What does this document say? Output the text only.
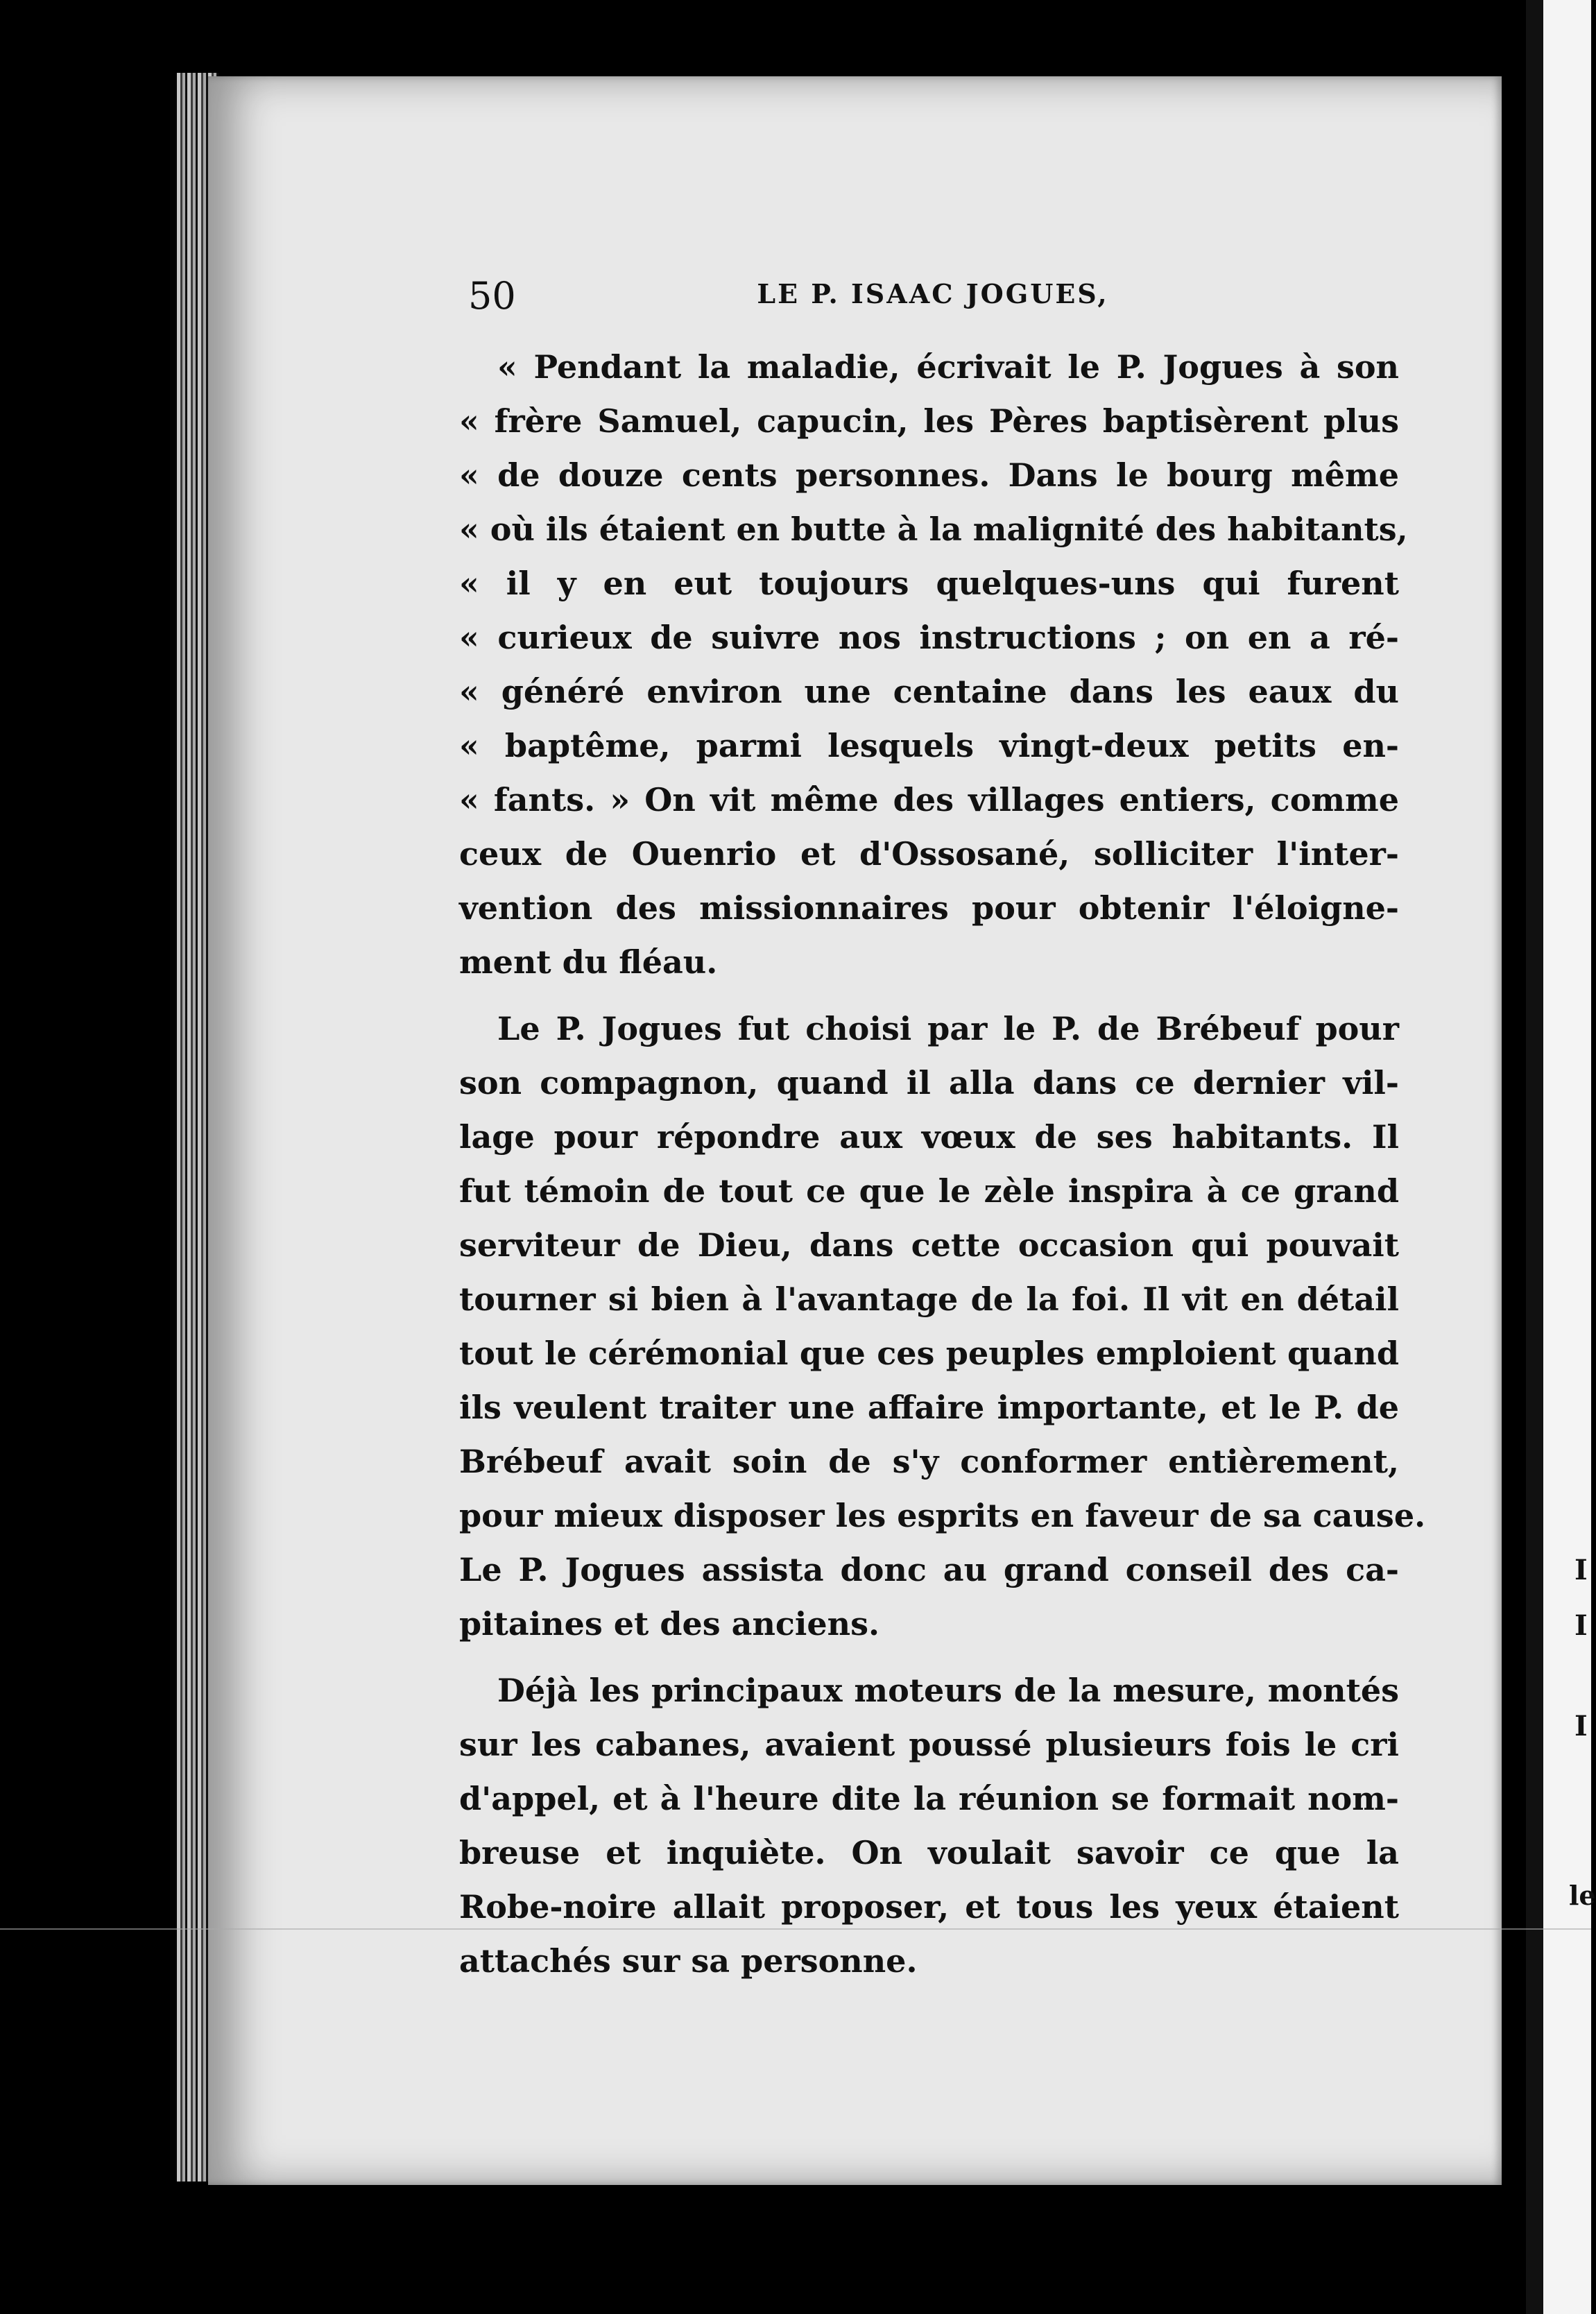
I
I
I
le
50	LE P. ISAAC JOGUES,
« Pendant la maladie, écrivait le P. Jogues à son
« frère Samuel, capucin, les Pères baptisèrent plus
« de douze cents personnes. Dans le bourg même
« où ils étaient en butte à la malignité des habitants,
« il y en eut toujours quelques-uns qui furent
« curieux de suivre nos instructions ; on en a ré-
« généré environ une centaine dans les eaux du
« baptême, parmi lesquels vingt-deux petits en-
« fants. » On vit même des villages entiers, comme
ceux de Ouenrio et d'Ossosané, solliciter l'inter-
vention des missionnaires pour obtenir l'éloigne-
ment du fléau.
Le P. Jogues fut choisi par le P. de Brébeuf pour
son compagnon, quand il alla dans ce dernier vil-
lage pour répondre aux vœux de ses habitants. Il
fut témoin de tout ce que le zèle inspira à ce grand
serviteur de Dieu, dans cette occasion qui pouvait
tourner si bien à l'avantage de la foi. Il vit en détail
tout le cérémonial que ces peuples emploient quand
ils veulent traiter une affaire importante, et le P. de
Brébeuf avait soin de s'y conformer entièrement,
pour mieux disposer les esprits en faveur de sa cause.
Le P. Jogues assista donc au grand conseil des ca-
pitaines et des anciens.
Déjà les principaux moteurs de la mesure, montés
sur les cabanes, avaient poussé plusieurs fois le cri
d'appel, et à l'heure dite la réunion se formait nom-
breuse et inquiète. On voulait savoir ce que la
Robe-noire allait proposer, et tous les yeux étaient
attachés sur sa personne.
